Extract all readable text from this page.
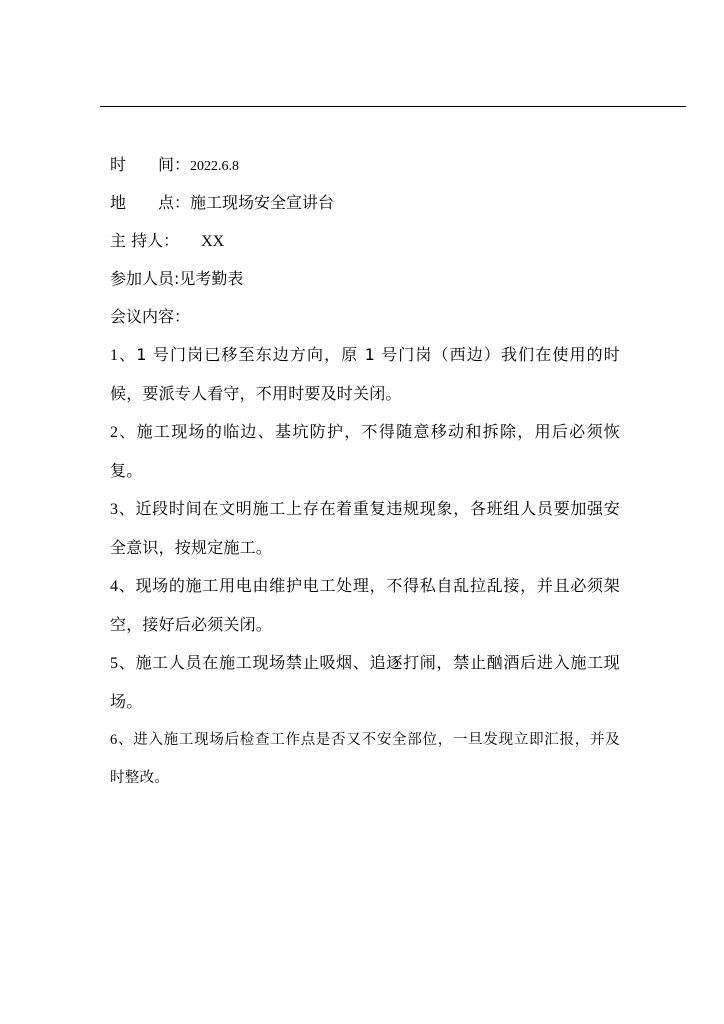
时　　间：2022.6.8
地　　点：施工现场安全宣讲台
主 持人： XX
参加人员:见考勤表
会议内容：
1、1 号门岗已移至东边方向，原 1 号门岗（西边）我们在使用的时候，要派专人看守，不用时要及时关闭。
2、施工现场的临边、基坑防护，不得随意移动和拆除，用后必须恢复。
3、近段时间在文明施工上存在着重复违规现象，各班组人员要加强安全意识，按规定施工。
4、现场的施工用电由维护电工处理，不得私自乱拉乱接，并且必须架空，接好后必须关闭。
5、施工人员在施工现场禁止吸烟、追逐打闹，禁止酗酒后进入施工现场。
6、进入施工现场后检查工作点是否又不安全部位，一旦发现立即汇报，并及时整改。
